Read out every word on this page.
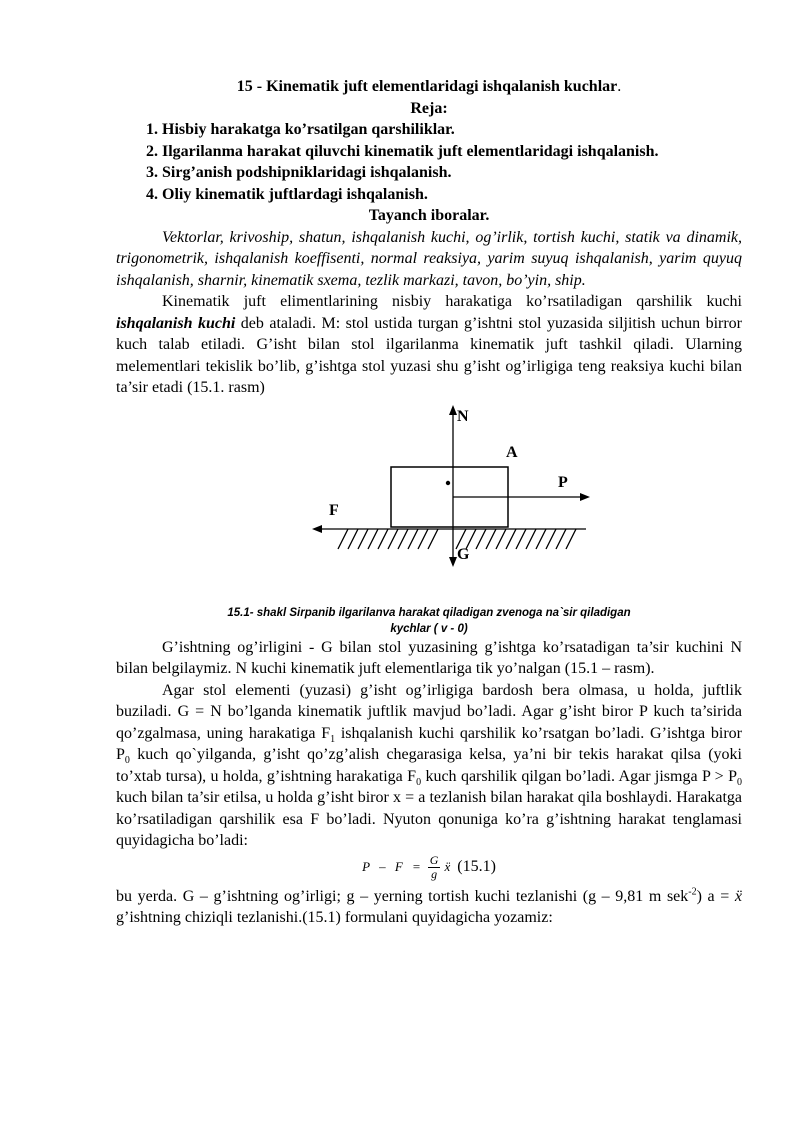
15 - Kinematik juft elementlaridagi ishqalanish kuchlar.
Reja:
1. Hisbiy harakatga ko’rsatilgan qarshiliklar.
2. Ilgarilanma harakat qiluvchi kinematik juft elementlaridagi ishqalanish.
3. Sirg’anish podshipniklaridagi ishqalanish.
4. Oliy kinematik juftlardagi ishqalanish.
Tayanch iboralar.

Vektorlar, krivoship, shatun, ishqalanish kuchi, og’irlik, tortish kuchi, statik va dinamik, trigonometrik, ishqalanish koeffisenti, normal reaksiya, yarim suyuq ishqalanish, yarim quyuq ishqalanish, sharnir, kinematik sxema, tezlik markazi, tavon, bo’yin, ship.

Kinematik juft elimentlarining nisbiy harakatiga ko’rsatiladigan qarshilik kuchi ishqalanish kuchi deb ataladi. M: stol ustida turgan g’ishtni stol yuzasida siljitish uchun birror kuch talab etiladi. G’isht bilan stol ilgarilanma kinematik juft tashkil qiladi. Ularning melementlari tekislik bo’lib, g’ishtga stol yuzasi shu g’isht og’irligiga teng reaksiya kuchi bilan ta’sir etadi (15.1. rasm)

N
A
P
F
G
15.1- shakl Sirpanib ilgarilanva harakat qiladigan zvenoga na`sir qiladigan
kychlar ( v - 0)

G’ishtning og’irligini - G bilan stol yuzasining g’ishtga ko’rsatadigan ta’sir kuchini N bilan belgilaymiz. N kuchi kinematik juft elementlariga tik yo’nalgan (15.1 – rasm).

Agar stol elementi (yuzasi) g’isht og’irligiga bardosh bera olmasa, u holda, juftlik buziladi. G = N bo’lganda kinematik juftlik mavjud bo’ladi. Agar g’isht biror P kuch ta’sirida qo’zgalmasa, uning harakatiga $F_1$ ishqalanish kuchi qarshilik ko’rsatgan bo’ladi. G’ishtga biror $P_0$ kuch qo`yilganda, g’isht qo’zg’alish chegarasiga kelsa, ya’ni bir tekis harakat qilsa (yoki to’xtab tursa), u holda, g’ishtning harakatiga $F_0$ kuch qarshilik qilgan bo’ladi. Agar jismga $P > P_0$ kuch bilan ta’sir etilsa, u holda g’isht biror x = a tezlanish bilan harakat qila boshlaydi. Harakatga ko’rsatiladigan qarshilik esa F bo’ladi. Nyuton qonuniga ko’ra g’ishtning harakat tenglamasi quyidagicha bo’ladi:

$P - F = \frac{G}{g}$ ẍ (15.1)

bu yerda. G – g’ishtning og’irligi; g – yerning tortish kuchi tezlanishi (g – 9,81 m sek$^{-2}$) a = ẍ g’ishtning chiziqli tezlanishi.(15.1) formulani quyidagicha yozamiz:
